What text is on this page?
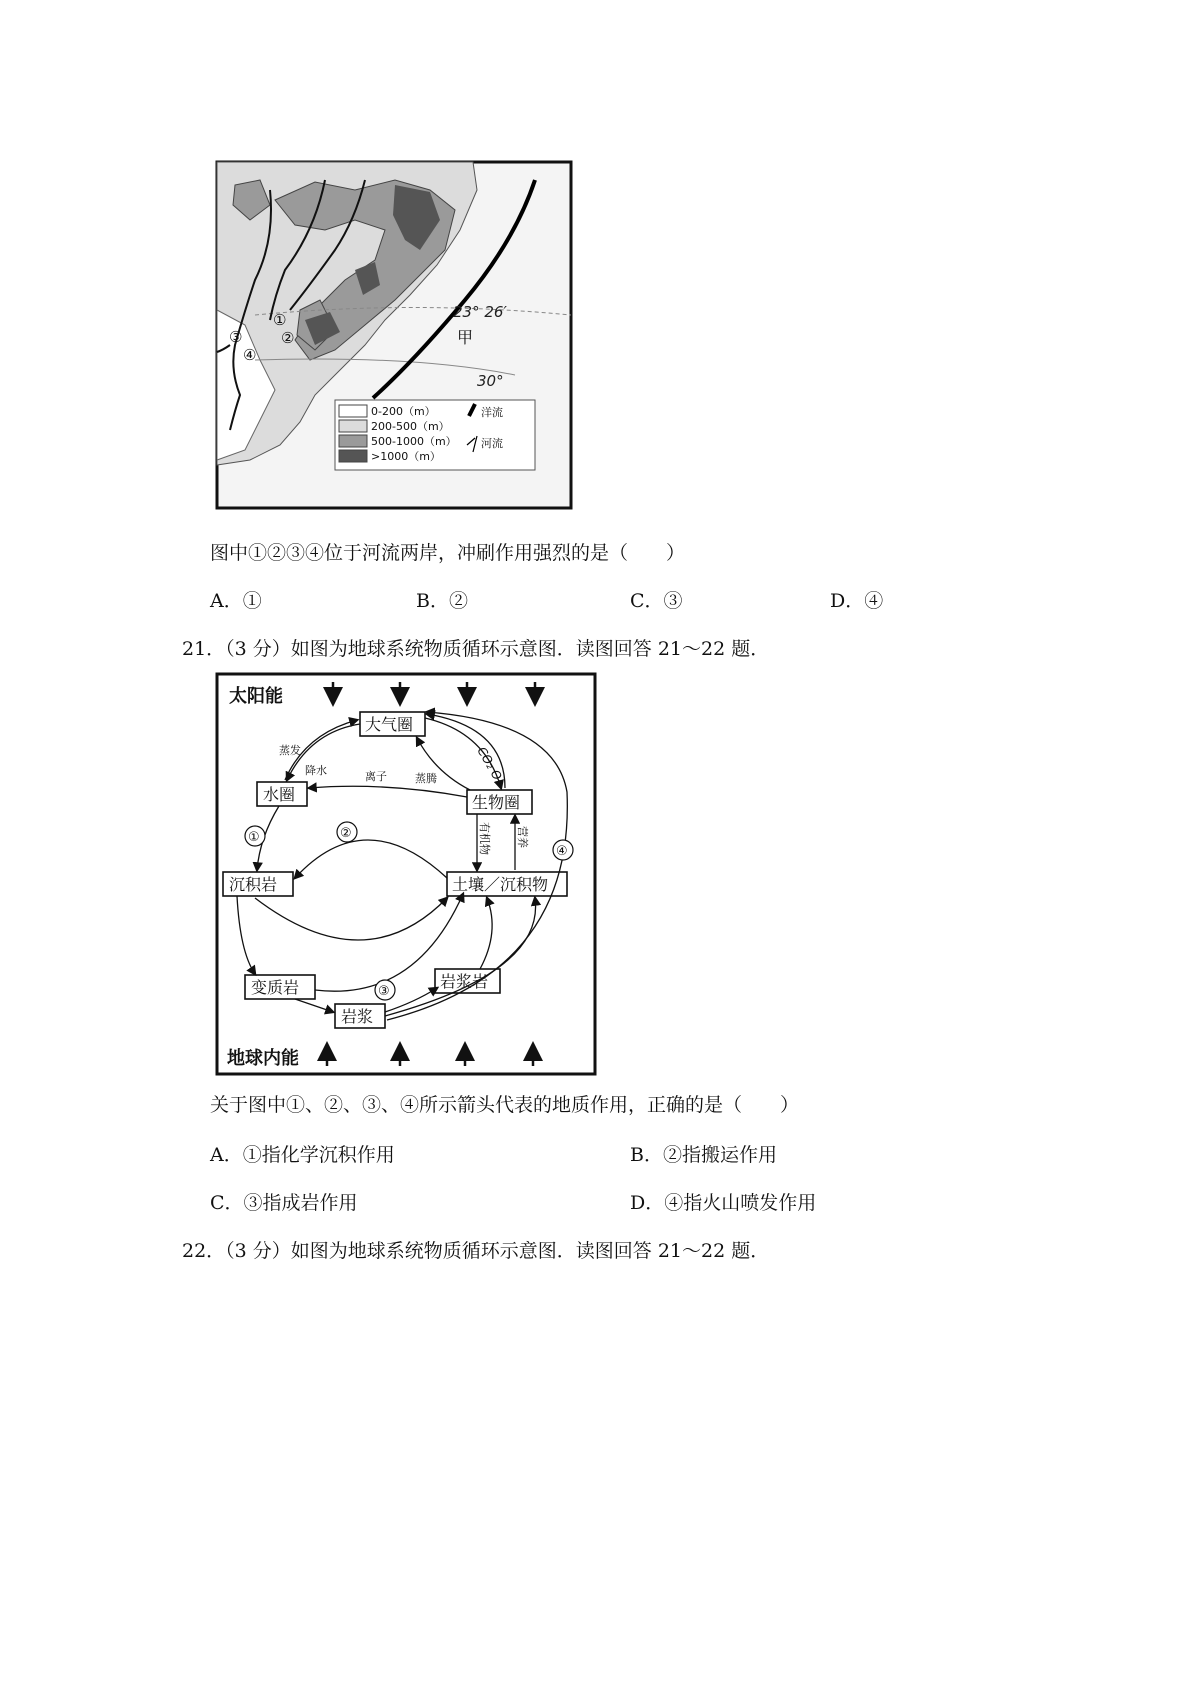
23° 26′
30°
甲
①
②
③
④
0-200（m）
200-500（m）
500-1000（m）
>1000（m）
洋流
河流
图中①②③④位于河流两岸，冲刷作用强烈的是（　　）
A．①	B．②	C．③	D．④
21．（3 分）如图为地球系统物质循环示意图．读图回答 21～22 题．
太阳能
大气圈
水圈	生物圈
沉积岩	土壤／沉积物
变质岩
岩浆
岩浆岩
蒸发
降水
蒸腾	CO₂ O₂
离子
有机物 营养
①	②
③
④
地球内能
关于图中①、②、③、④所示箭头代表的地质作用，正确的是（　　）
A．①指化学沉积作用	B．②指搬运作用
C．③指成岩作用	D．④指火山喷发作用
22．（3 分）如图为地球系统物质循环示意图．读图回答 21～22 题．
